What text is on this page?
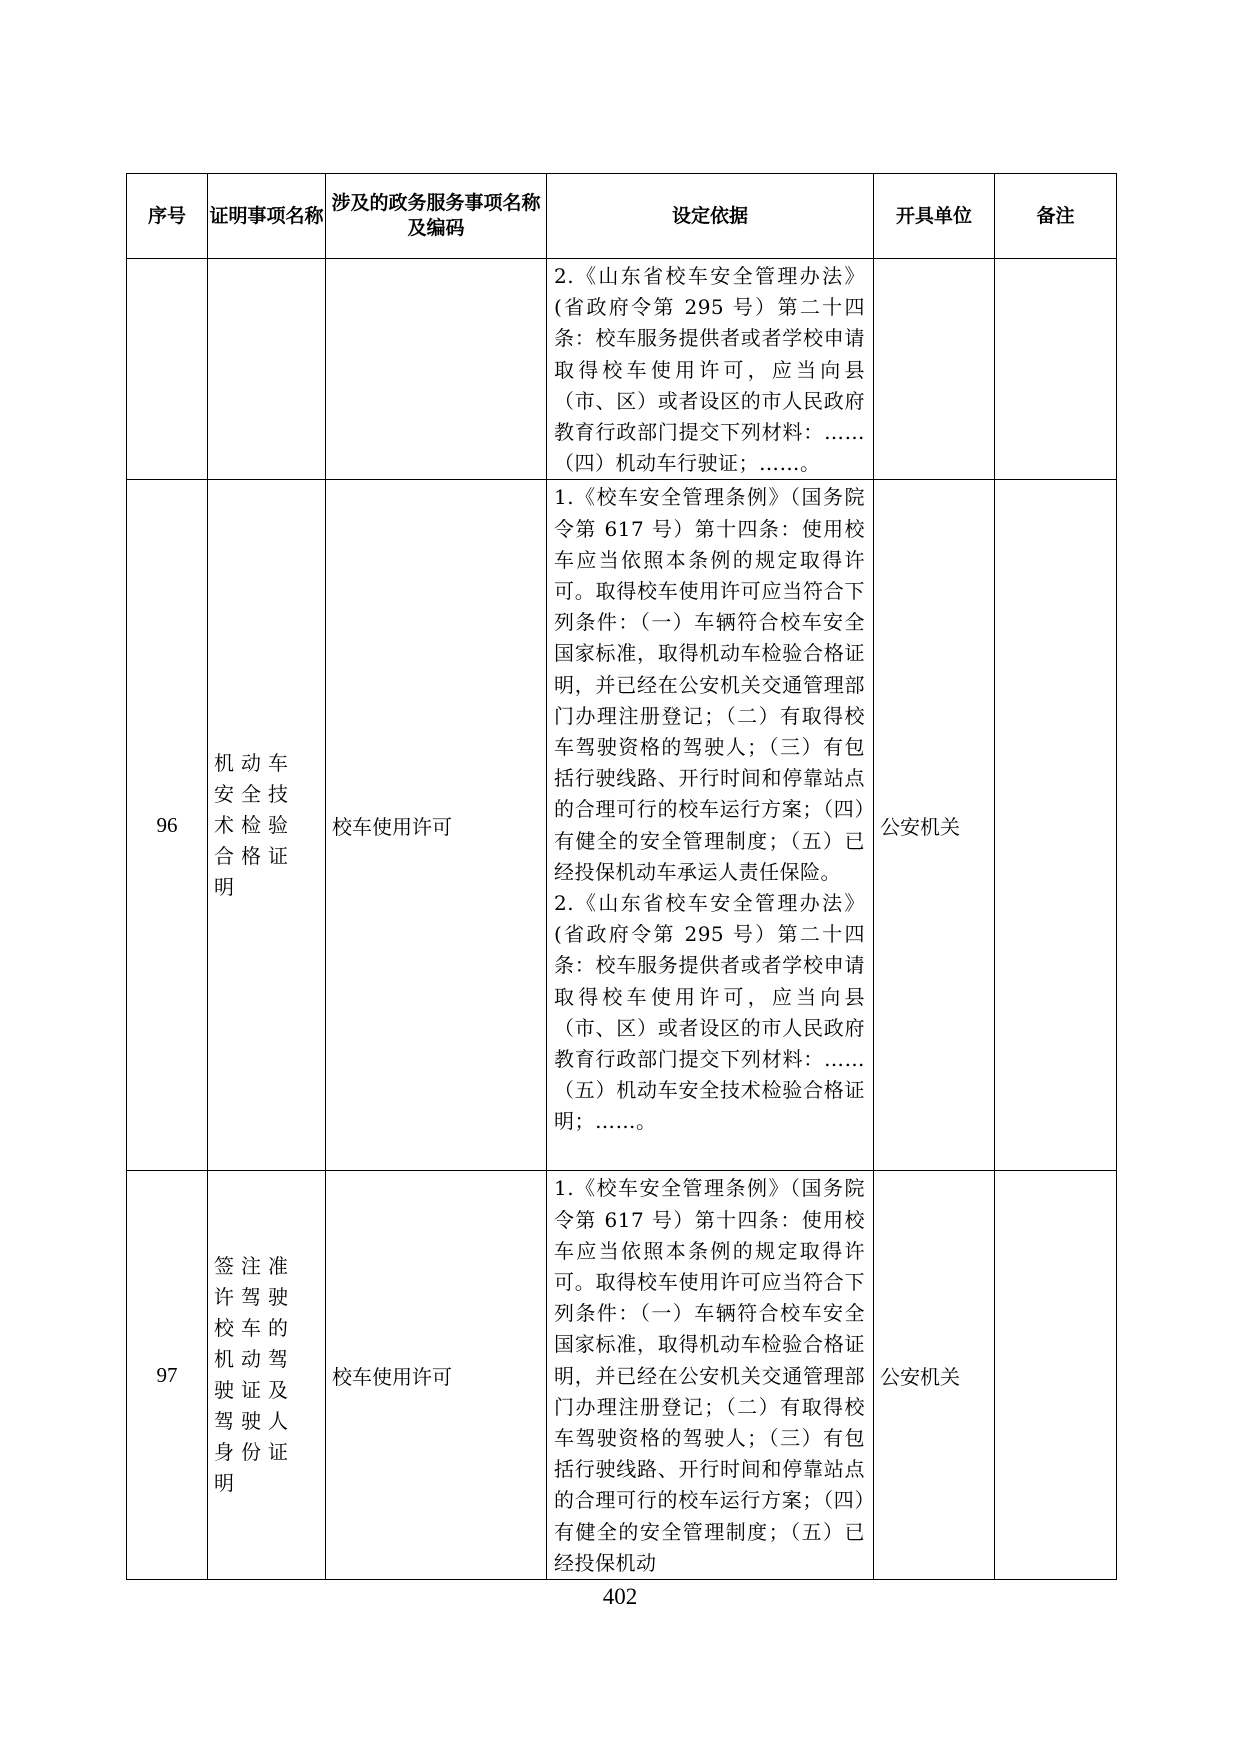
序号	证明事项名称	涉及的政务服务事项名称及编码	设定依据	开具单位	备注

			2.《山东省校车安全管理办法》(省政府令第 295 号）第二十四条：校车服务提供者或者学校申请取得校车使用许可，应当向县（市、区）或者设区的市人民政府教育行政部门提交下列材料：……（四）机动车行驶证；……。		

96	机动车安全技术检验合格证明	校车使用许可	1.《校车安全管理条例》（国务院令第 617 号）第十四条：使用校车应当依照本条例的规定取得许可。取得校车使用许可应当符合下列条件：（一）车辆符合校车安全国家标准，取得机动车检验合格证明，并已经在公安机关交通管理部门办理注册登记；（二）有取得校车驾驶资格的驾驶人；（三）有包括行驶线路、开行时间和停靠站点的合理可行的校车运行方案；（四）有健全的安全管理制度；（五）已经投保机动车承运人责任保险。
2.《山东省校车安全管理办法》(省政府令第 295 号）第二十四条：校车服务提供者或者学校申请取得校车使用许可，应当向县（市、区）或者设区的市人民政府教育行政部门提交下列材料：……（五）机动车安全技术检验合格证明；……。	公安机关	
97	签注准许驾驶校车的机动驾驶证及驾驶人身份证明	校车使用许可	1.《校车安全管理条例》（国务院令第 617 号）第十四条：使用校车应当依照本条例的规定取得许可。取得校车使用许可应当符合下列条件：（一）车辆符合校车安全国家标准，取得机动车检验合格证明，并已经在公安机关交通管理部门办理注册登记；（二）有取得校车驾驶资格的驾驶人；（三）有包括行驶线路、开行时间和停靠站点的合理可行的校车运行方案；（四）有健全的安全管理制度；（五）已经投保机动	公安机关	
402
